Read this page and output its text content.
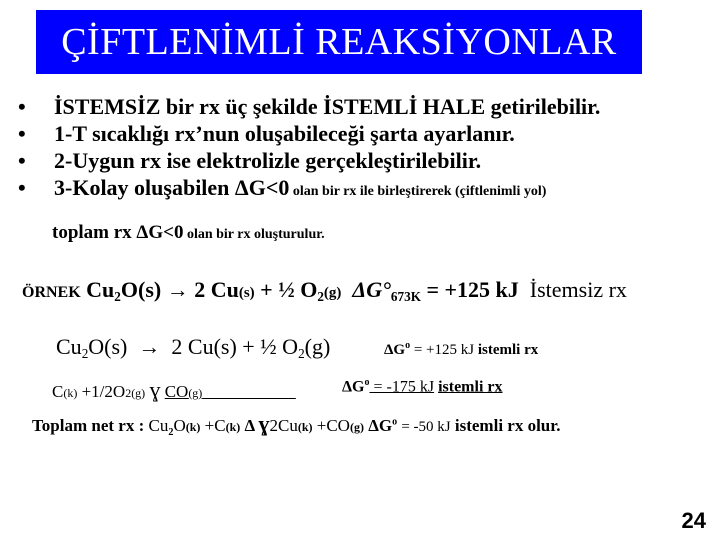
ÇİFTLENİMLİ REAKSİYONLAR
• İSTEMSİZ bir rx üç şekilde İSTEMLİ HALE getirilebilir.
• 1-T sıcaklığı rx’nun oluşabileceği şarta ayarlanır.
• 2-Uygun rx ise elektrolizle gerçekleştirilebilir.
• 3-Kolay oluşabilen ΔG<0 olan bir rx ile birleştirerek (çiftlenimli yol)
toplam rx ΔG<0 olan bir rx oluşturulur.
ÖRNEK $Cu_2O(s) \to 2$ Cu(s) + ½ $O_2(g) \Delta G^\circ_{673K} = +125$ kJ İstemsiz rx
$Cu_2O(s) \to 2$ Cu(s) + ½ $O_2(g)$	$\Delta G^o = +125$ kJ istemli rx
C(k) +1/2O2(g) ɣ CO(g)	$\Delta G^o = -175$ kJ istemli rx
Toplam net rx : $Cu_2O(k) +C(k)$ Δ ɣ2Cu(k) +CO(g) $\Delta G^o = -50$ kJ istemli rx olur.
24
